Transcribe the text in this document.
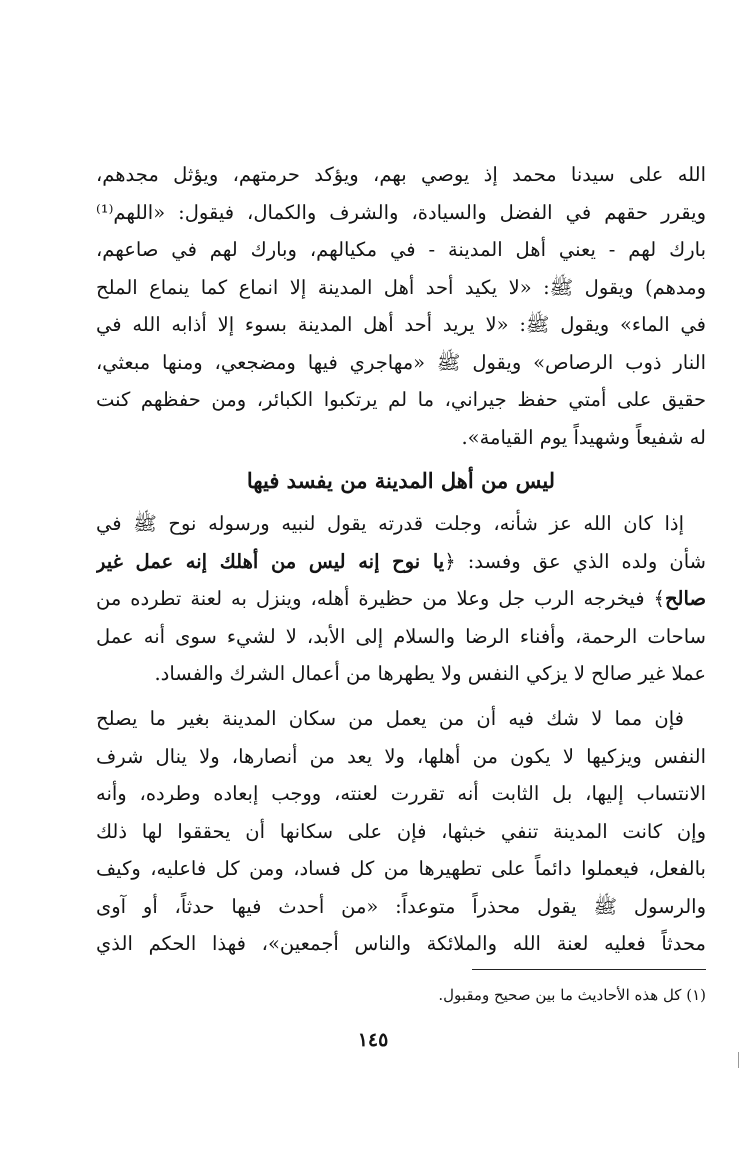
الله على سيدنا محمد إذ يوصي بهم، ويؤكد حرمتهم، ويؤثل مجدهم،
ويقرر حقهم في الفضل والسيادة، والشرف والكمال، فيقول: «اللهم⁽¹⁾
بارك لهم - يعني أهل المدينة - في مكيالهم، وبارك لهم في صاعهم،
ومدهم) ويقول ﷺ: «لا يكيد أحد أهل المدينة إلا انماع كما ينماع الملح
في الماء» ويقول ﷺ: «لا يريد أحد أهل المدينة بسوء إلا أذابه الله في
النار ذوب الرصاص» ويقول ﷺ «مهاجري فيها ومضجعي، ومنها مبعثي،
حقيق على أمتي حفظ جيراني، ما لم يرتكبوا الكبائر، ومن حفظهم كنت
له شفيعاً وشهيداً يوم القيامة».
ليس من أهل المدينة من يفسد فيها
إذا كان الله عز شأنه، وجلت قدرته يقول لنبيه ورسوله نوح ﷺ في
شأن ولده الذي عق وفسد: ﴿يا نوح إنه ليس من أهلك إنه عمل غير
صالح﴾ فيخرجه الرب جل وعلا من حظيرة أهله، وينزل به لعنة تطرده من
ساحات الرحمة، وأفناء الرضا والسلام إلى الأبد، لا لشيء سوى أنه عمل
عملا غير صالح لا يزكي النفس ولا يطهرها من أعمال الشرك والفساد.
فإن مما لا شك فيه أن من يعمل من سكان المدينة بغير ما يصلح
النفس ويزكيها لا يكون من أهلها، ولا يعد من أنصارها، ولا ينال شرف
الانتساب إليها، بل الثابت أنه تقررت لعنته، ووجب إبعاده وطرده، وأنه
وإن كانت المدينة تنفي خبثها، فإن على سكانها أن يحققوا لها ذلك
بالفعل، فيعملوا دائماً على تطهيرها من كل فساد، ومن كل فاعليه، وكيف
والرسول ﷺ يقول محذراً متوعداً: «من أحدث فيها حدثاً، أو آوى
محدثاً فعليه لعنة الله والملائكة والناس أجمعين»، فهذا الحكم الذي
(١) كل هذه الأحاديث ما بين صحيح ومقبول.
١٤٥
